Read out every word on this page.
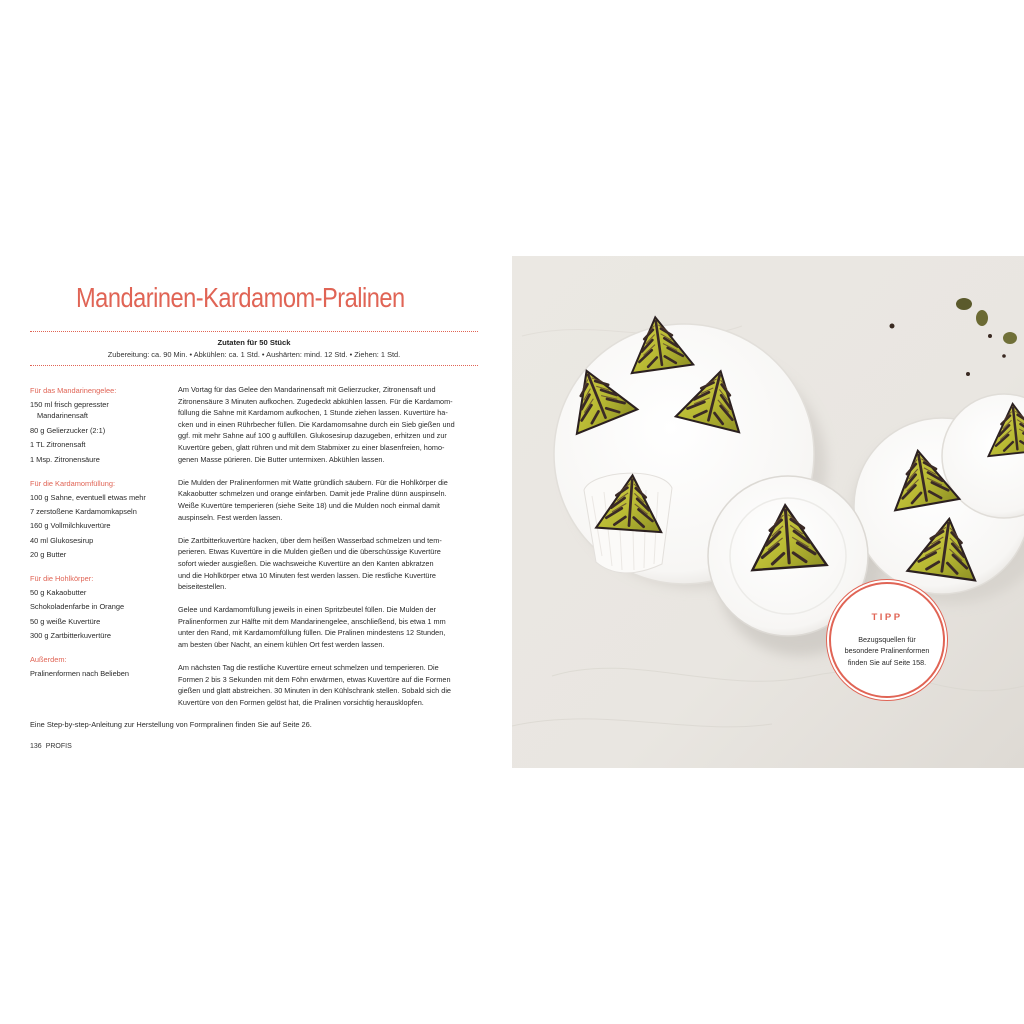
Mandarinen-Kardamom-Pralinen
Zutaten für 50 Stück
Zubereitung: ca. 90 Min. • Abkühlen: ca. 1 Std. • Aushärten: mind. 12 Std. • Ziehen: 1 Std.
Für das Mandarinengelee:
150 ml frisch gepresster
Mandarinensaft
80 g Gelierzucker (2:1)
1 TL Zitronensaft
1 Msp. Zitronensäure
Für die Kardamomfüllung:
100 g Sahne, eventuell etwas mehr
7 zerstoßene Kardamomkapseln
160 g Vollmilchkuvertüre
40 ml Glukosesirup
20 g Butter
Für die Hohlkörper:
50 g Kakaobutter
Schokoladenfarbe in Orange
50 g weiße Kuvertüre
300 g Zartbitterkuvertüre
Außerdem:
Pralinenformen nach Belieben

Am Vortag für das Gelee den Mandarinensaft mit Gelierzucker, Zitronensaft und
Zitronensäure 3 Minuten aufkochen. Zugedeckt abkühlen lassen. Für die Kardamom-
füllung die Sahne mit Kardamom aufkochen, 1 Stunde ziehen lassen. Kuvertüre ha-
cken und in einen Rührbecher füllen. Die Kardamomsahne durch ein Sieb gießen und
ggf. mit mehr Sahne auf 100 g auffüllen. Glukosesirup dazugeben, erhitzen und zur
Kuvertüre geben, glatt rühren und mit dem Stabmixer zu einer blasenfreien, homo-
genen Masse pürieren. Die Butter untermixen. Abkühlen lassen.

Die Mulden der Pralinenformen mit Watte gründlich säubern. Für die Hohlkörper die
Kakaobutter schmelzen und orange einfärben. Damit jede Praline dünn auspinseln.
Weiße Kuvertüre temperieren (siehe Seite 18) und die Mulden noch einmal damit
auspinseln. Fest werden lassen.

Die Zartbitterkuvertüre hacken, über dem heißen Wasserbad schmelzen und tem-
perieren. Etwas Kuvertüre in die Mulden gießen und die überschüssige Kuvertüre
sofort wieder ausgießen. Die wachsweiche Kuvertüre an den Kanten abkratzen
und die Hohlkörper etwa 10 Minuten fest werden lassen. Die restliche Kuvertüre
beiseitestellen.

Gelee und Kardamomfüllung jeweils in einen Spritzbeutel füllen. Die Mulden der
Pralinenformen zur Hälfte mit dem Mandarinengelee, anschließend, bis etwa 1 mm
unter den Rand, mit Kardamomfüllung füllen. Die Pralinen mindestens 12 Stunden,
am besten über Nacht, an einem kühlen Ort fest werden lassen.

Am nächsten Tag die restliche Kuvertüre erneut schmelzen und temperieren. Die
Formen 2 bis 3 Sekunden mit dem Föhn erwärmen, etwas Kuvertüre auf die Formen
gießen und glatt abstreichen. 30 Minuten in den Kühlschrank stellen. Sobald sich die
Kuvertüre von den Formen gelöst hat, die Pralinen vorsichtig herausklopfen.

Eine Step-by-step-Anleitung zur Herstellung von Formpralinen finden Sie auf Seite 26.
136 PROFIS
TIPP
Bezugsquellen für
besondere Pralinenformen
finden Sie auf Seite 158.
